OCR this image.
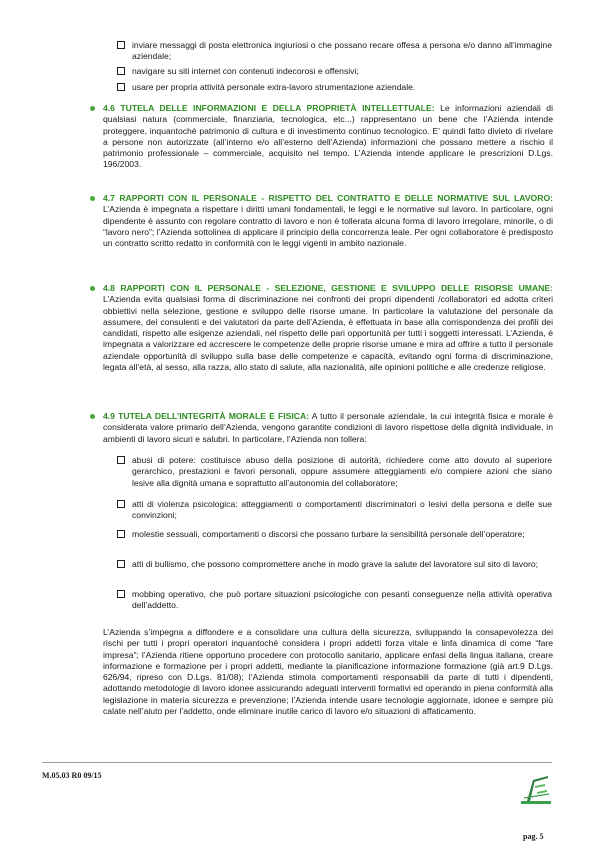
inviare messaggi di posta elettronica ingiuriosi o che possano recare offesa a persona e/o danno all’immagine aziendale;

navigare su siti internet con contenuti indecorosi e offensivi;

usare per propria attività personale extra-lavoro strumentazione aziendale.

4.6 TUTELA DELLE INFORMAZIONI E DELLA PROPRIETÀ INTELLETTUALE: Le informazioni aziendali di qualsiasi natura (commerciale, finanziaria, tecnologica, etc...) rappresentano un bene che l’Azienda intende proteggere, inquantoché patrimonio di cultura e di investimento continuo tecnologico. E’ quindi fatto divieto di rivelare a persone non autorizzate (all’interno e/o all’esterno dell’Azienda) informazioni che possano mettere a rischio il patrimonio professionale – commerciale, acquisito nel tempo. L’Azienda intende applicare le prescrizioni D.Lgs. 196/2003.

4.7 RAPPORTI CON IL PERSONALE - RISPETTO DEL CONTRATTO E DELLE NORMATIVE SUL LAVORO: L’Azienda è impegnata a rispettare i diritti umani fondamentali, le leggi e le normative sul lavoro. In particolare, ogni dipendente è assunto con regolare contratto di lavoro e non è tollerata alcuna forma di lavoro irregolare, minorile, o di “lavoro nero”; l’Azienda sottolinea di applicare il principio della concorrenza leale. Per ogni collaboratore è predisposto un contratto scritto redatto in conformità con le leggi vigenti in ambito nazionale.

4.8 RAPPORTI CON IL PERSONALE - SELEZIONE, GESTIONE E SVILUPPO DELLE RISORSE UMANE: L’Azienda evita qualsiasi forma di discriminazione nei confronti dei propri dipendenti /collaboratori ed adotta criteri obbiettivi nella selezione, gestione e sviluppo delle risorse umane. In particolare la valutazione del personale da assumere, dei consulenti e dei valutatori da parte dell’Azienda, è effettuata in base alla corrispondenza dei profili dei candidati, rispetto alle esigenze aziendali, nel rispetto delle pari opportunità per tutti i soggetti interessati. L’Azienda, è impegnata a valorizzare ed accrescere le competenze delle proprie risorse umane e mira ad offrire a tutto il personale aziendale opportunità di sviluppo sulla base delle competenze e capacità, evitando ogni forma di discriminazione, legata all’età, al sesso, alla razza, allo stato di salute, alla nazionalità, alle opinioni politiche e alle credenze religiose.

4.9 TUTELA DELL’INTEGRITÀ MORALE E FISICA: A tutto il personale aziendale, la cui integrità fisica e morale è considerata valore primario dell’Azienda, vengono garantite condizioni di lavoro rispettose della dignità individuale, in ambienti di lavoro sicuri e salubri. In particolare, l’Azienda non tollera:

abusi di potere: costituisce abuso della posizione di autorità, richiedere come atto dovuto al superiore gerarchico, prestazioni e favori personali, oppure assumere atteggiamenti e/o compiere azioni che siano lesive alla dignità umana e soprattutto all’autonomia del collaboratore;

atti di violenza psicologica: atteggiamenti o comportamenti discriminatori o lesivi della persona e delle sue convinzioni;

molestie sessuali, comportamenti o discorsi che possano turbare la sensibilità personale dell’operatore;

atti di bullismo, che possono compromettere anche in modo grave la salute del lavoratore sul sito di lavoro;

mobbing operativo, che può portare situazioni psicologiche con pesanti conseguenze nella attività operativa dell’addetto.

L’Azienda s’impegna a diffondere e a consolidare una cultura della sicurezza, sviluppando la consapevolezza dei rischi per tutti i propri operatori inquantoché considera i propri addetti forza vitale e linfa dinamica di come “fare impresa”; l’Azienda ritiene opportuno procedere con protocollo sanitario, applicare enfasi della lingua italiana, creare informazione e formazione per i propri addetti, mediante la pianificazione informazione formazione (già art.9 D.Lgs. 626/94, ripreso con D.Lgs. 81/08); l’Azienda stimola comportamenti responsabili da parte di tutti i dipendenti, adottando metodologie di lavoro idonee assicurando adeguati interventi formativi ed operando in piena conformità alla legislazione in materia sicurezza e prevenzione; l’Azienda intende usare tecnologie aggiornate, idonee e sempre più calate nell’aiuto per l’addetto, onde eliminare inutile carico di lavoro e/o situazioni di affaticamento.

M.05.03 R0 09/15
pag. 5
